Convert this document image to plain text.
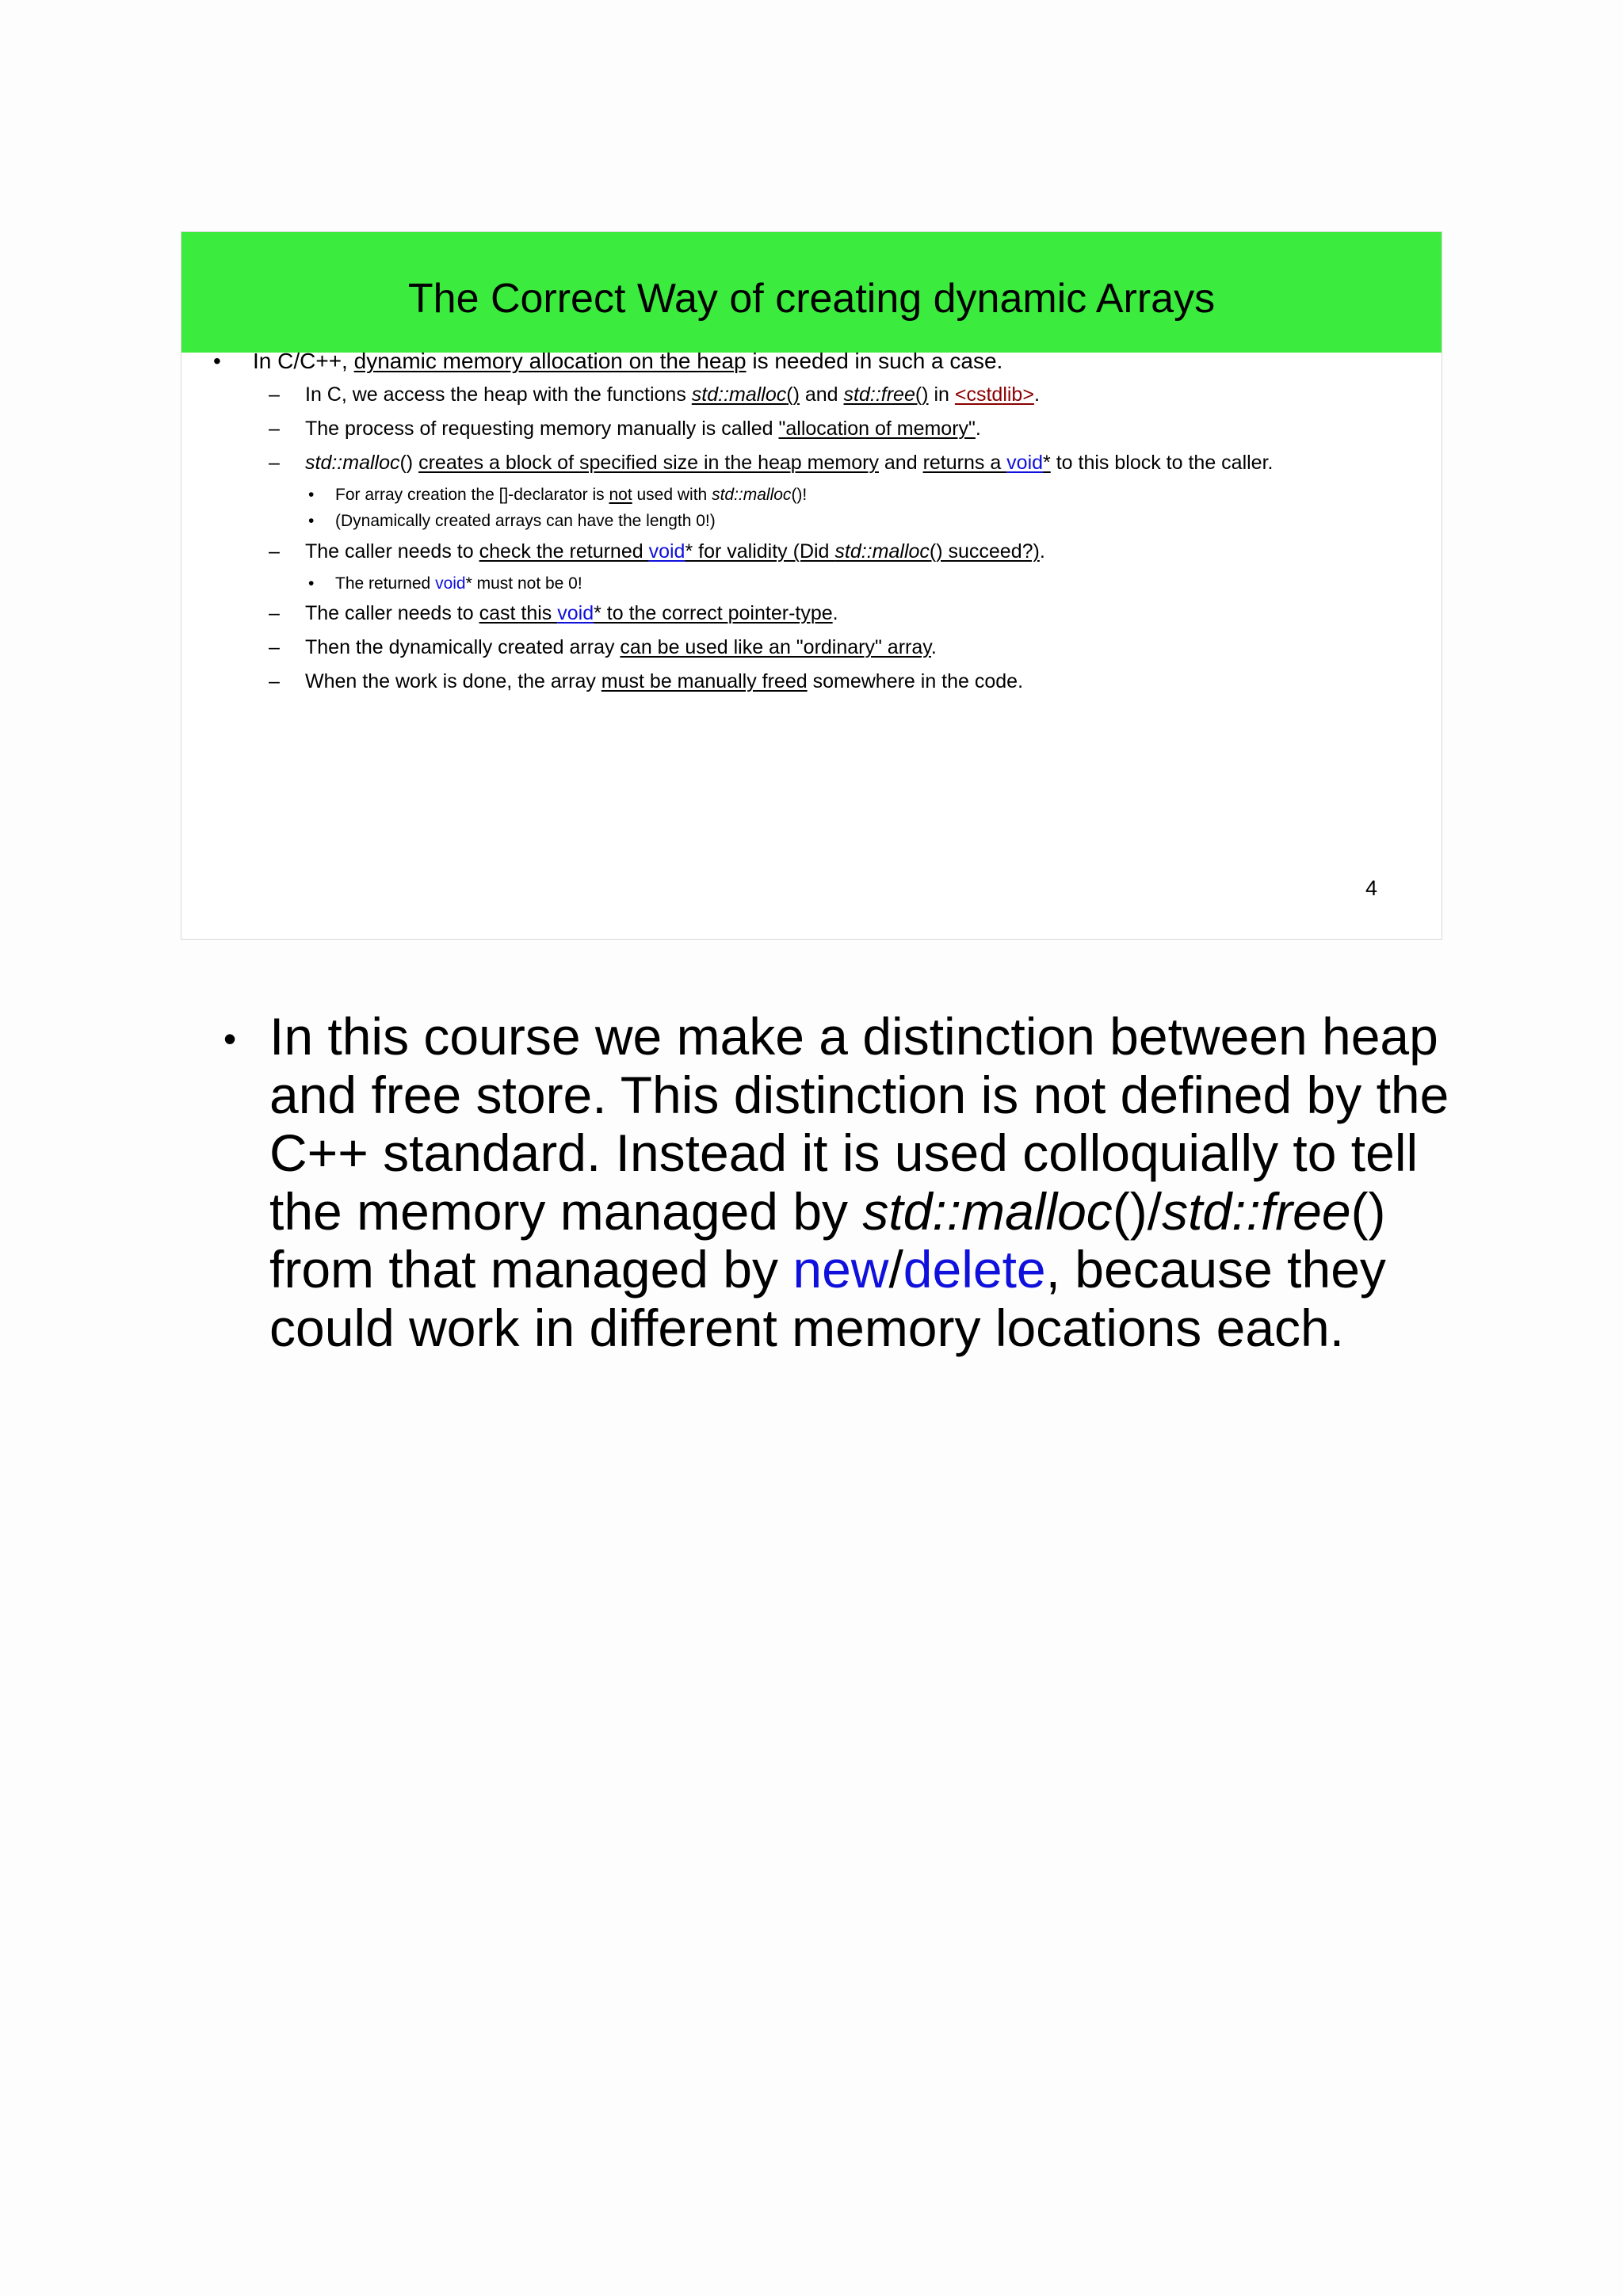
The Correct Way of creating dynamic Arrays
• In C/C++, dynamic memory allocation on the heap is needed in such a case.
– In C, we access the heap with the functions std::malloc() and std::free() in <cstdlib>.
– The process of requesting memory manually is called "allocation of memory".
– std::malloc() creates a block of specified size in the heap memory and returns a void* to this block to the caller.
• For array creation the []-declarator is not used with std::malloc()!
• (Dynamically created arrays can have the length 0!)
– The caller needs to check the returned void* for validity (Did std::malloc() succeed?).
• The returned void* must not be 0!
– The caller needs to cast this void* to the correct pointer-type.
– Then the dynamically created array can be used like an "ordinary" array.
– When the work is done, the array must be manually freed somewhere in the code.
4
• In this course we make a distinction between heap and free store. This distinction is not defined by the C++ standard. Instead it is used colloquially to tell the memory managed by std::malloc()/std::free() from that managed by new/delete, because they could work in different memory locations each.
